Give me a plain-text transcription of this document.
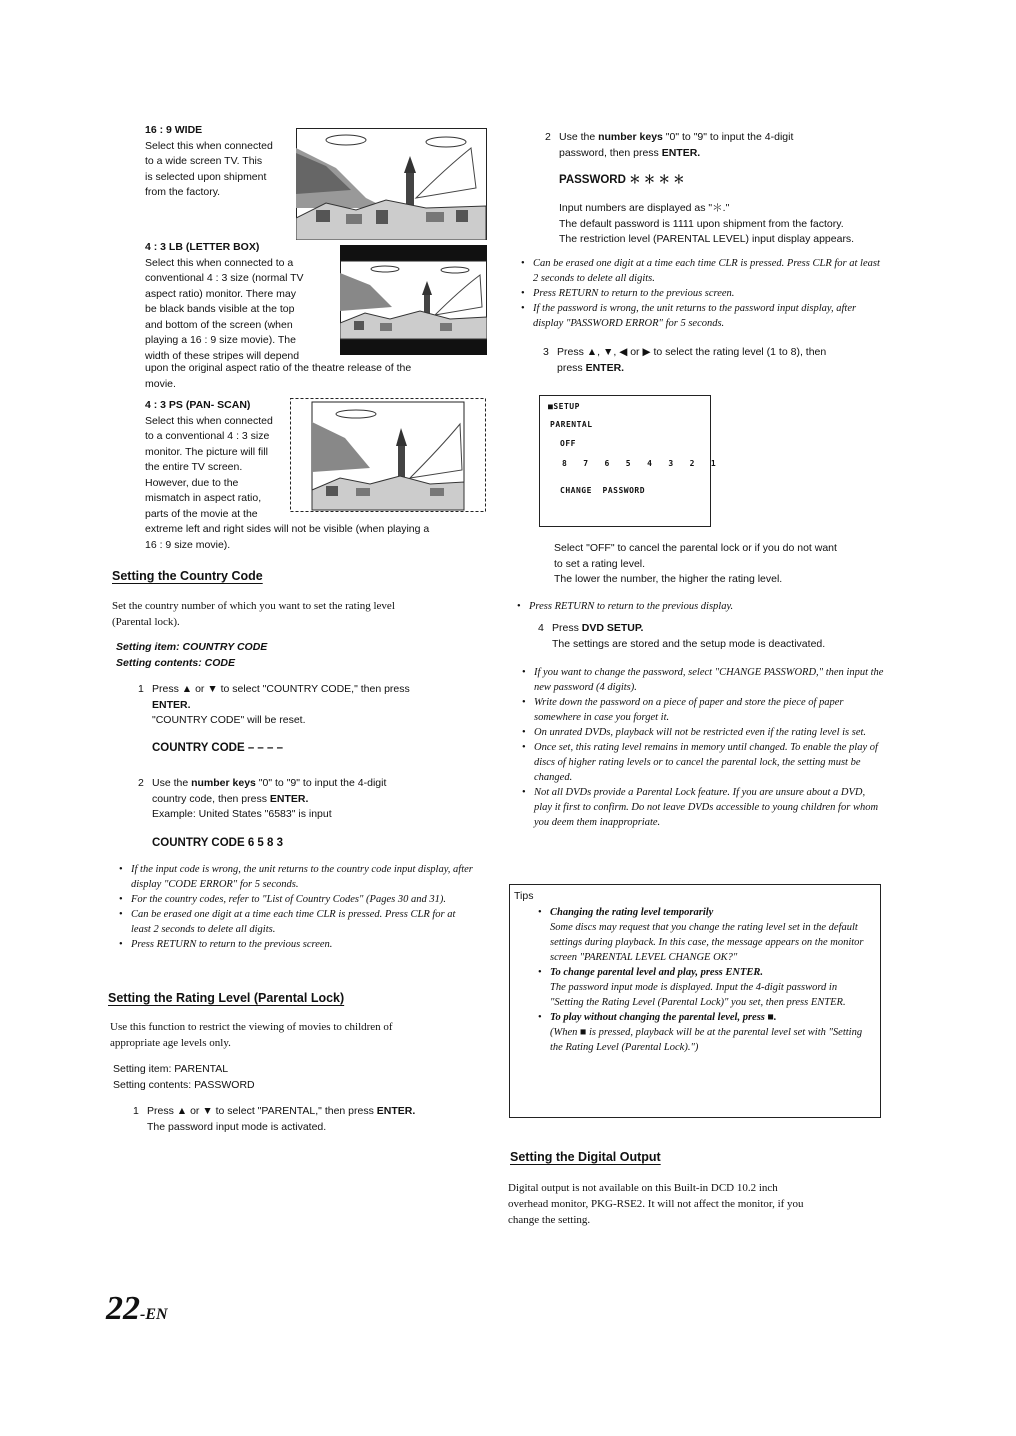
16 : 9 WIDE
Select this when connected
to a wide screen TV. This
is selected upon shipment
from the factory.
4 : 3 LB (LETTER BOX)
Select this when connected to a
conventional 4 : 3 size (normal TV
aspect ratio) monitor. There may
be black bands visible at the top
and bottom of the screen (when
playing a 16 : 9 size movie). The
width of these stripes will depend
upon the original aspect ratio of the theatre release of the
movie.
4 : 3 PS (PAN- SCAN)
Select this when connected
to a conventional 4 : 3 size
monitor. The picture will fill
the entire TV screen.
However, due to the
mismatch in aspect ratio,
parts of the movie at the
extreme left and right sides will not be visible (when playing a
16 : 9 size movie).
Setting the Country Code
Set the country number of which you want to set the rating level
(Parental lock).
Setting item: COUNTRY CODE
Setting contents: CODE
1 Press ▲ or ▼ to select "COUNTRY CODE," then press
ENTER.
"COUNTRY CODE" will be reset.
COUNTRY CODE – – – –
2 Use the number keys "0" to "9" to input the 4-digit
country code, then press ENTER.
Example: United States "6583" is input
COUNTRY CODE 6 5 8 3
• If the input code is wrong, the unit returns to the country code input display, after display "CODE ERROR" for 5 seconds.
• For the country codes, refer to "List of Country Codes" (Pages 30 and 31).
• Can be erased one digit at a time each time CLR is pressed. Press CLR for at least 2 seconds to delete all digits.
• Press RETURN to return to the previous screen.
Setting the Rating Level (Parental Lock)
Use this function to restrict the viewing of movies to children of
appropriate age levels only.
Setting item: PARENTAL
Setting contents: PASSWORD
1 Press ▲ or ▼ to select "PARENTAL," then press ENTER.
The password input mode is activated.
22-EN
2 Use the number keys "0" to "9" to input the 4-digit
password, then press ENTER.
PASSWORD ＊ ＊ ＊ ＊
Input numbers are displayed as "＊."
The default password is 1111 upon shipment from the factory.
The restriction level (PARENTAL LEVEL) input display appears.
• Can be erased one digit at a time each time CLR is pressed. Press CLR for at least 2 seconds to delete all digits.
• Press RETURN to return to the previous screen.
• If the password is wrong, the unit returns to the password input display, after display "PASSWORD ERROR" for 5 seconds.
3 Press ▲, ▼, ◀ or ▶ to select the rating level (1 to 8), then
press ENTER.
■SETUP
PARENTAL
OFF
8   7   6   5   4   3   2   1
CHANGE  PASSWORD
Select "OFF" to cancel the parental lock or if you do not want
to set a rating level.
The lower the number, the higher the rating level.
• Press RETURN to return to the previous display.
4 Press DVD SETUP.
The settings are stored and the setup mode is deactivated.
• If you want to change the password, select "CHANGE PASSWORD," then input the new password (4 digits).
• Write down the password on a piece of paper and store the piece of paper somewhere in case you forget it.
• On unrated DVDs, playback will not be restricted even if the rating level is set.
• Once set, this rating level remains in memory until changed. To enable the play of discs of higher rating levels or to cancel the parental lock, the setting must be changed.
• Not all DVDs provide a Parental Lock feature. If you are unsure about a DVD, play it first to confirm. Do not leave DVDs accessible to young children for whom you deem them inappropriate.
Tips
• Changing the rating level temporarily
Some discs may request that you change the rating level set in the default settings during playback. In this case, the message appears on the monitor screen "PARENTAL LEVEL CHANGE OK?"
• To change parental level and play, press ENTER.
The password input mode is displayed. Input the 4-digit password in "Setting the Rating Level (Parental Lock)" you set, then press ENTER.
• To play without changing the parental level, press ■.
(When ■ is pressed, playback will be at the parental level set with "Setting the Rating Level (Parental Lock).")
Setting the Digital Output
Digital output is not available on this Built-in DCD 10.2 inch
overhead monitor, PKG-RSE2. It will not affect the monitor, if you
change the setting.
